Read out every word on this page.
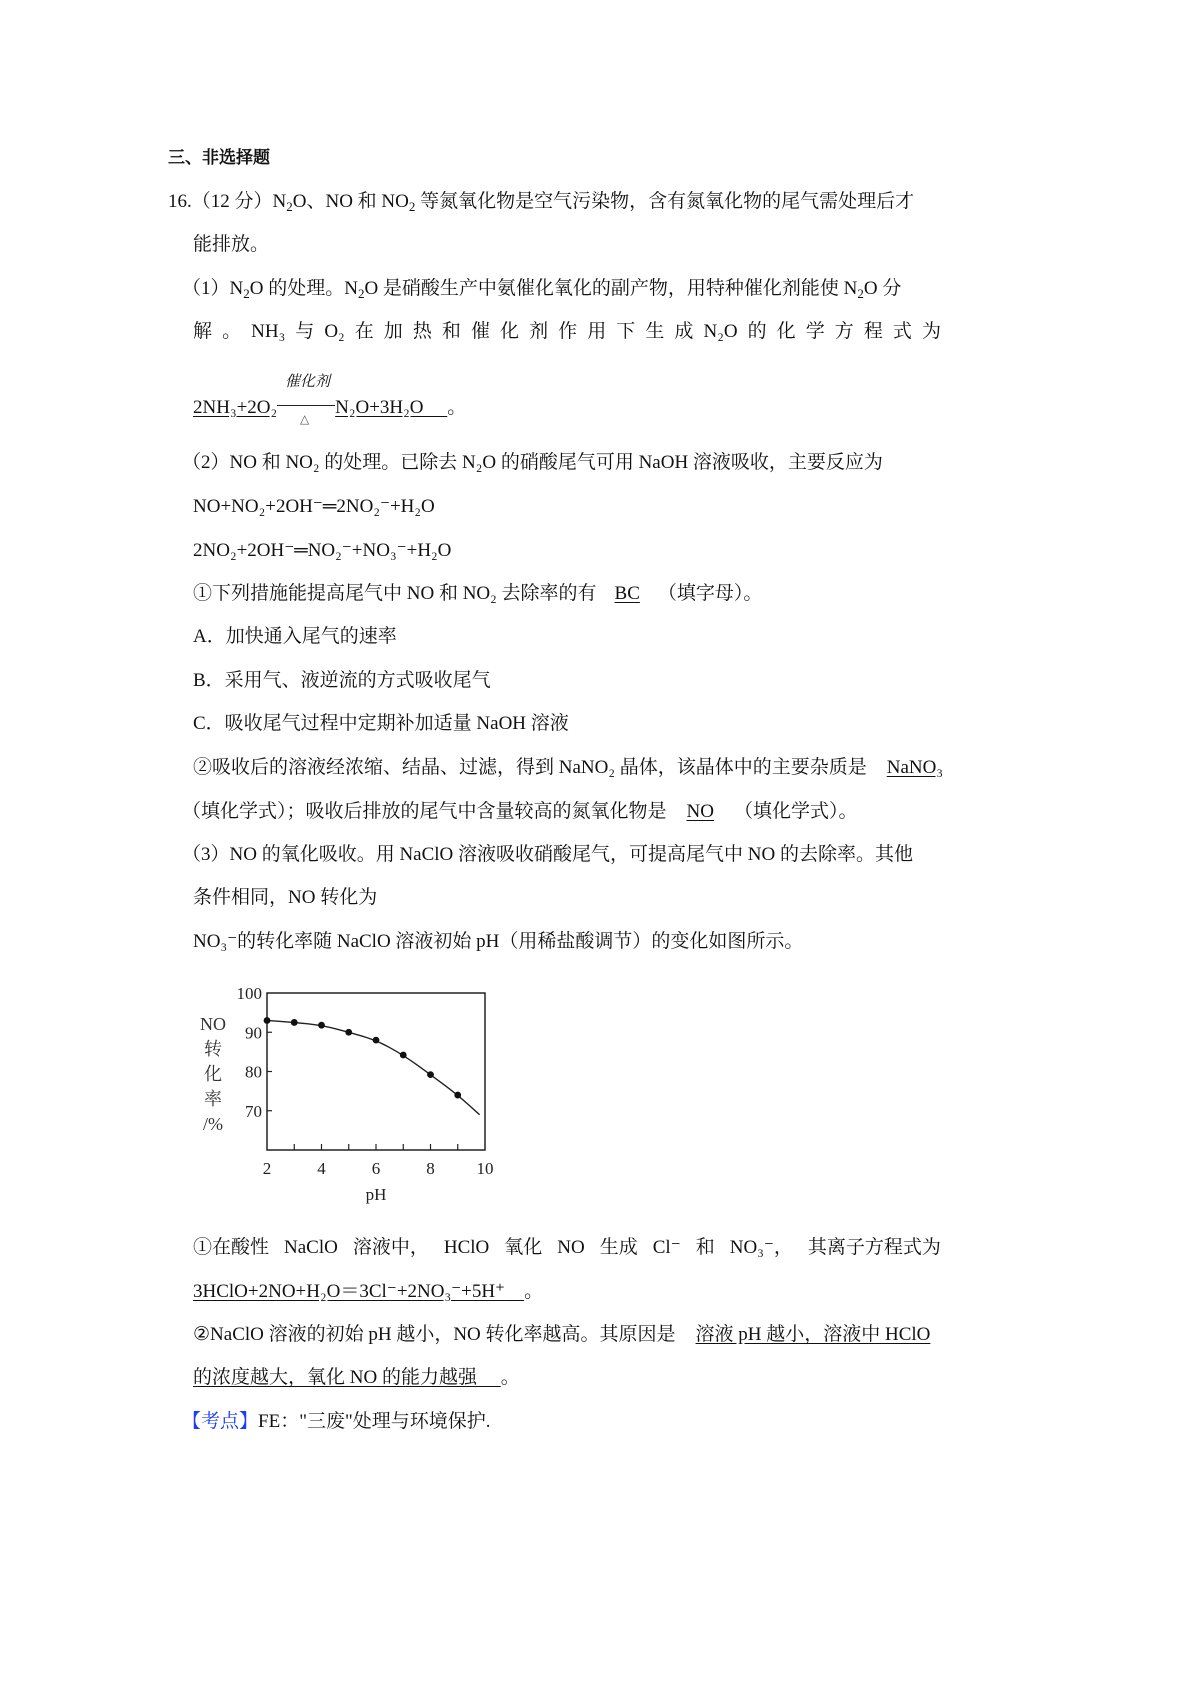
三、非选择题
16.（12 分）$N_2O$、NO 和 $NO_2$ 等氮氧化物是空气污染物，含有氮氧化物的尾气需处理后才
能排放。
$(1)N_2O$ 的处理。$N_2O$ 是硝酸生产中氨催化氧化的副产物，用特种催化剂能使 $N_2O$ 分
解 。 NH₃ 与 O₂ 在 加 热 和 催 化 剂 作 用 下 生 成 N₂O 的 化 学 方 程 式 为
催化剂
2NH₃+2O₂	N₂O+3H₂O 。
△
（2）NO 和 NO₂ 的处理。已除去 N₂O 的硝酸尾气可用 NaOH 溶液吸收，主要反应为
NO+NO₂+2OH⁻═2NO₂⁻+H₂O
2NO₂+2OH⁻═NO₂⁻+NO₃⁻+H₂O
①下列措施能提高尾气中 NO 和 NO₂ 去除率的有 BC （填字母）。
A．加快通入尾气的速率
B．采用气、液逆流的方式吸收尾气
C．吸收尾气过程中定期补加适量 NaOH 溶液
②吸收后的溶液经浓缩、结晶、过滤，得到 NaNO₂ 晶体，该晶体中的主要杂质是 NaNO₃
（填化学式）；吸收后排放的尾气中含量较高的氮氧化物是 NO （填化学式）。
（3）NO 的氧化吸收。用 NaClO 溶液吸收硝酸尾气，可提高尾气中 NO 的去除率。其他
条件相同，NO 转化为
NO₃⁻的转化率随 NaClO 溶液初始 pH（用稀盐酸调节）的变化如图所示。
2	4	6	8 10
70
80
90
100
pH
NO
转
化
率
/%
①在酸性 NaClO 溶液中， HClO 氧化 NO 生成 Cl⁻ 和 NO₃⁻， 其离子方程式为
3HClO+2NO+H₂O＝3Cl⁻+2NO₃⁻+5H⁺ 。
②NaClO 溶液的初始 pH 越小，NO 转化率越高。其原因是 溶液 pH 越小，溶液中 HClO
的浓度越大，氧化 NO 的能力越强 。
【考点】FE："三废"处理与环境保护.
